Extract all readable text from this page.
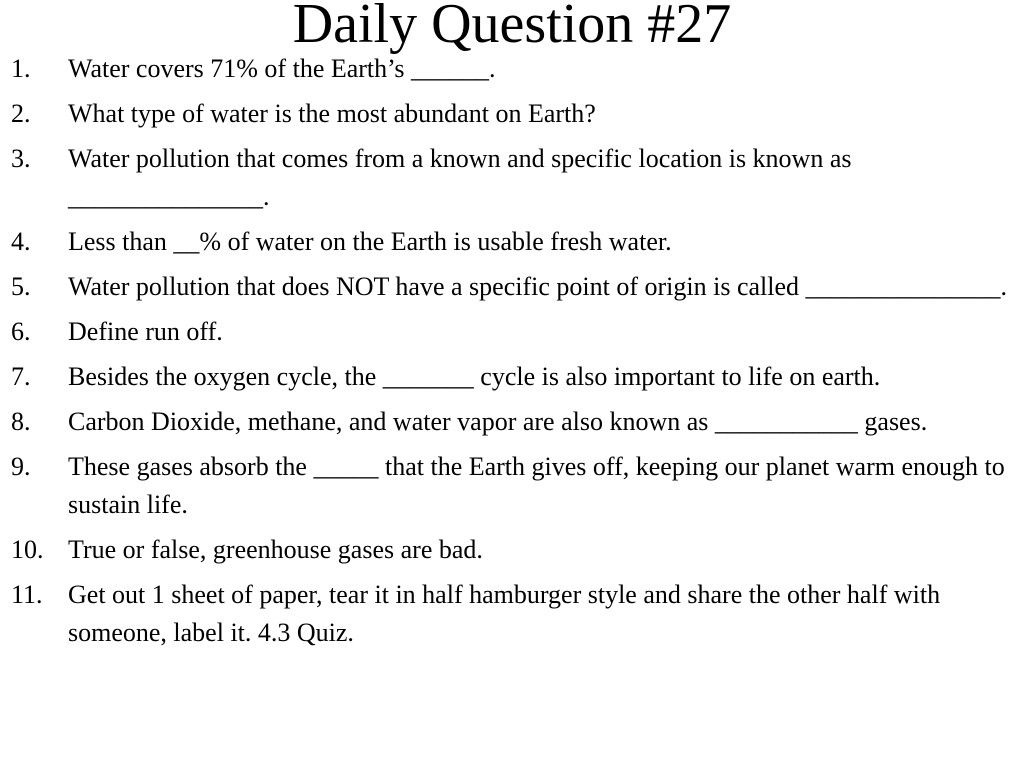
Daily Question #27
1. Water covers 71% of the Earth’s ______.
2. What type of water is the most abundant on Earth?
3. Water pollution that comes from a known and specific location is known as _______________.
4. Less than __% of water on the Earth is usable fresh water.
5. Water pollution that does NOT have a specific point of origin is called _______________.
6. Define run off.
7. Besides the oxygen cycle, the _______ cycle is also important to life on earth.
8. Carbon Dioxide, methane, and water vapor are also known as ___________ gases.
9. These gases absorb the _____ that the Earth gives off, keeping our planet warm enough to sustain life.
10. True or false, greenhouse gases are bad.
11. Get out 1 sheet of paper, tear it in half hamburger style and share the other half with someone, label it. 4.3 Quiz.
